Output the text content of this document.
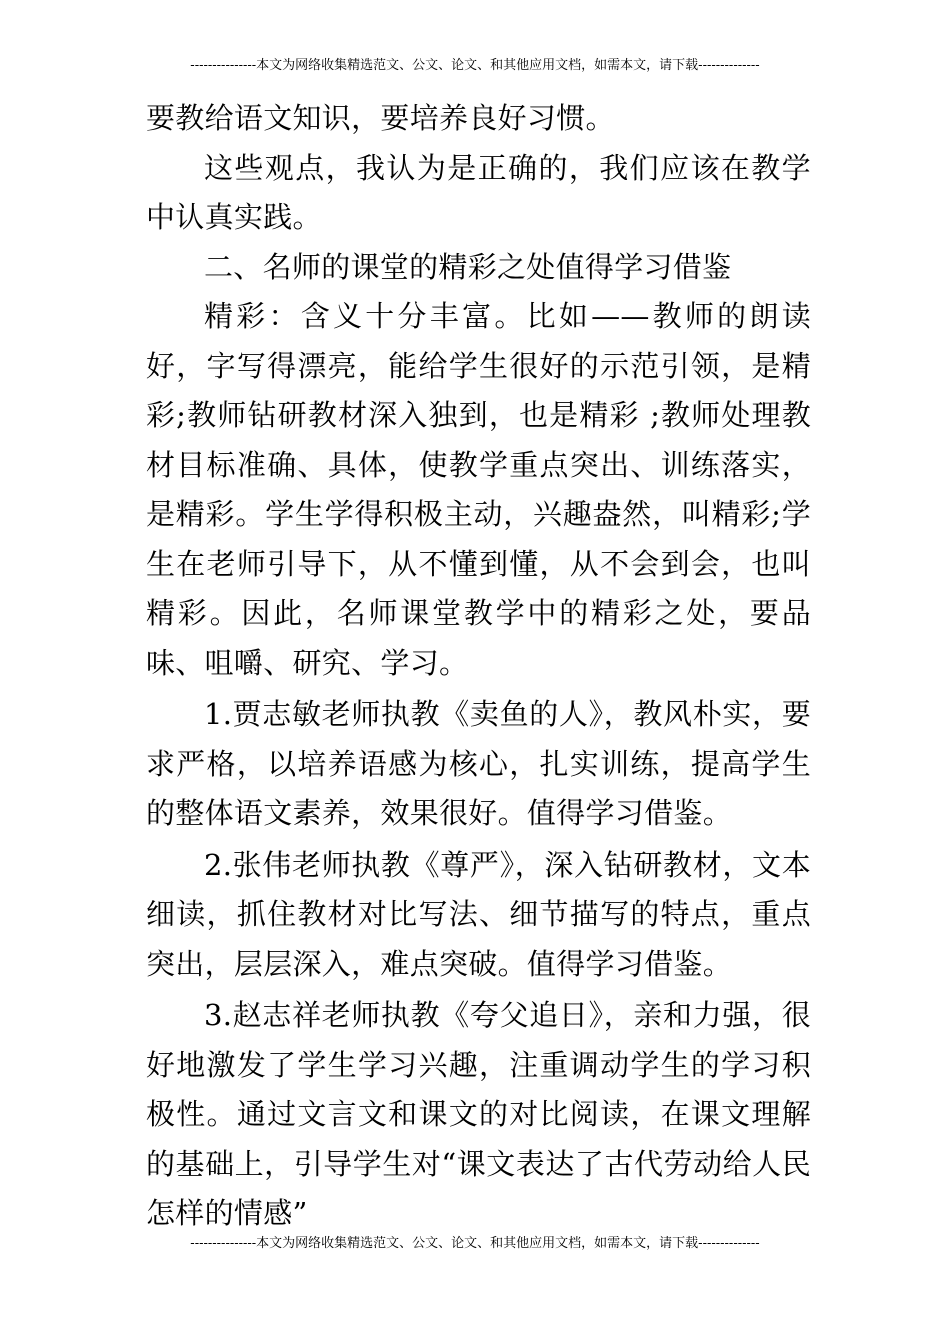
---------------本文为网络收集精选范文、公文、论文、和其他应用文档，如需本文，请下载--------------

要教给语文知识，要培养良好习惯。

这些观点，我认为是正确的，我们应该在教学中认真实践。

二、名师的课堂的精彩之处值得学习借鉴

精彩：含义十分丰富。比如——教师的朗读好，字写得漂亮，能给学生很好的示范引领，是精彩;教师钻研教材深入独到，也是精彩 ;教师处理教材目标准确、具体，使教学重点突出、训练落实，是精彩。学生学得积极主动，兴趣盎然，叫精彩;学生在老师引导下，从不懂到懂，从不会到会，也叫精彩。因此，名师课堂教学中的精彩之处，要品味、咀嚼、研究、学习。

1.贾志敏老师执教《卖鱼的人》，教风朴实，要求严格，以培养语感为核心，扎实训练，提高学生的整体语文素养，效果很好。值得学习借鉴。

2.张伟老师执教《尊严》，深入钻研教材，文本细读，抓住教材对比写法、细节描写的特点，重点突出，层层深入，难点突破。值得学习借鉴。

3.赵志祥老师执教《夸父追日》，亲和力强，很好地激发了学生学习兴趣，注重调动学生的学习积极性。通过文言文和课文的对比阅读，在课文理解的基础上，引导学生对“课文表达了古代劳动给人民怎样的情感”

---------------本文为网络收集精选范文、公文、论文、和其他应用文档，如需本文，请下载--------------
